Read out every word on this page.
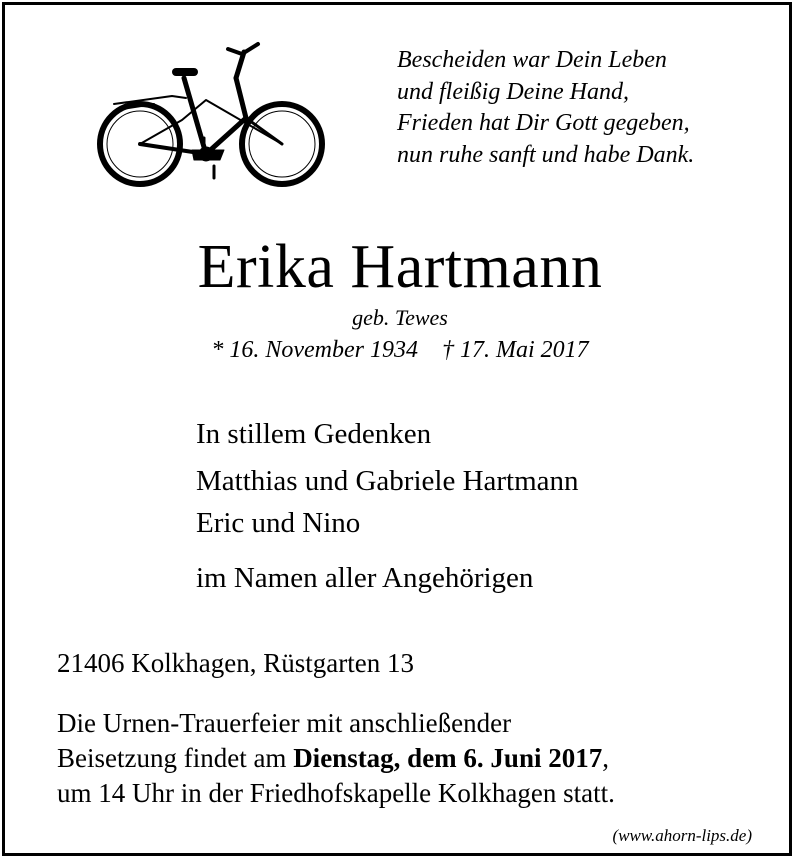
Bescheiden war Dein Leben
und fleißig Deine Hand,
Frieden hat Dir Gott gegeben,
nun ruhe sanft und habe Dank.
Erika Hartmann
geb. Tewes
* 16. November 1934 † 17. Mai 2017
In stillem Gedenken
Matthias und Gabriele Hartmann
Eric und Nino
im Namen aller Angehörigen
21406 Kolkhagen, Rüstgarten 13
Die Urnen-Trauerfeier mit anschließender
Beisetzung findet am Dienstag, dem 6. Juni 2017,
um 14 Uhr in der Friedhofskapelle Kolkhagen statt.
(www.ahorn-lips.de)
